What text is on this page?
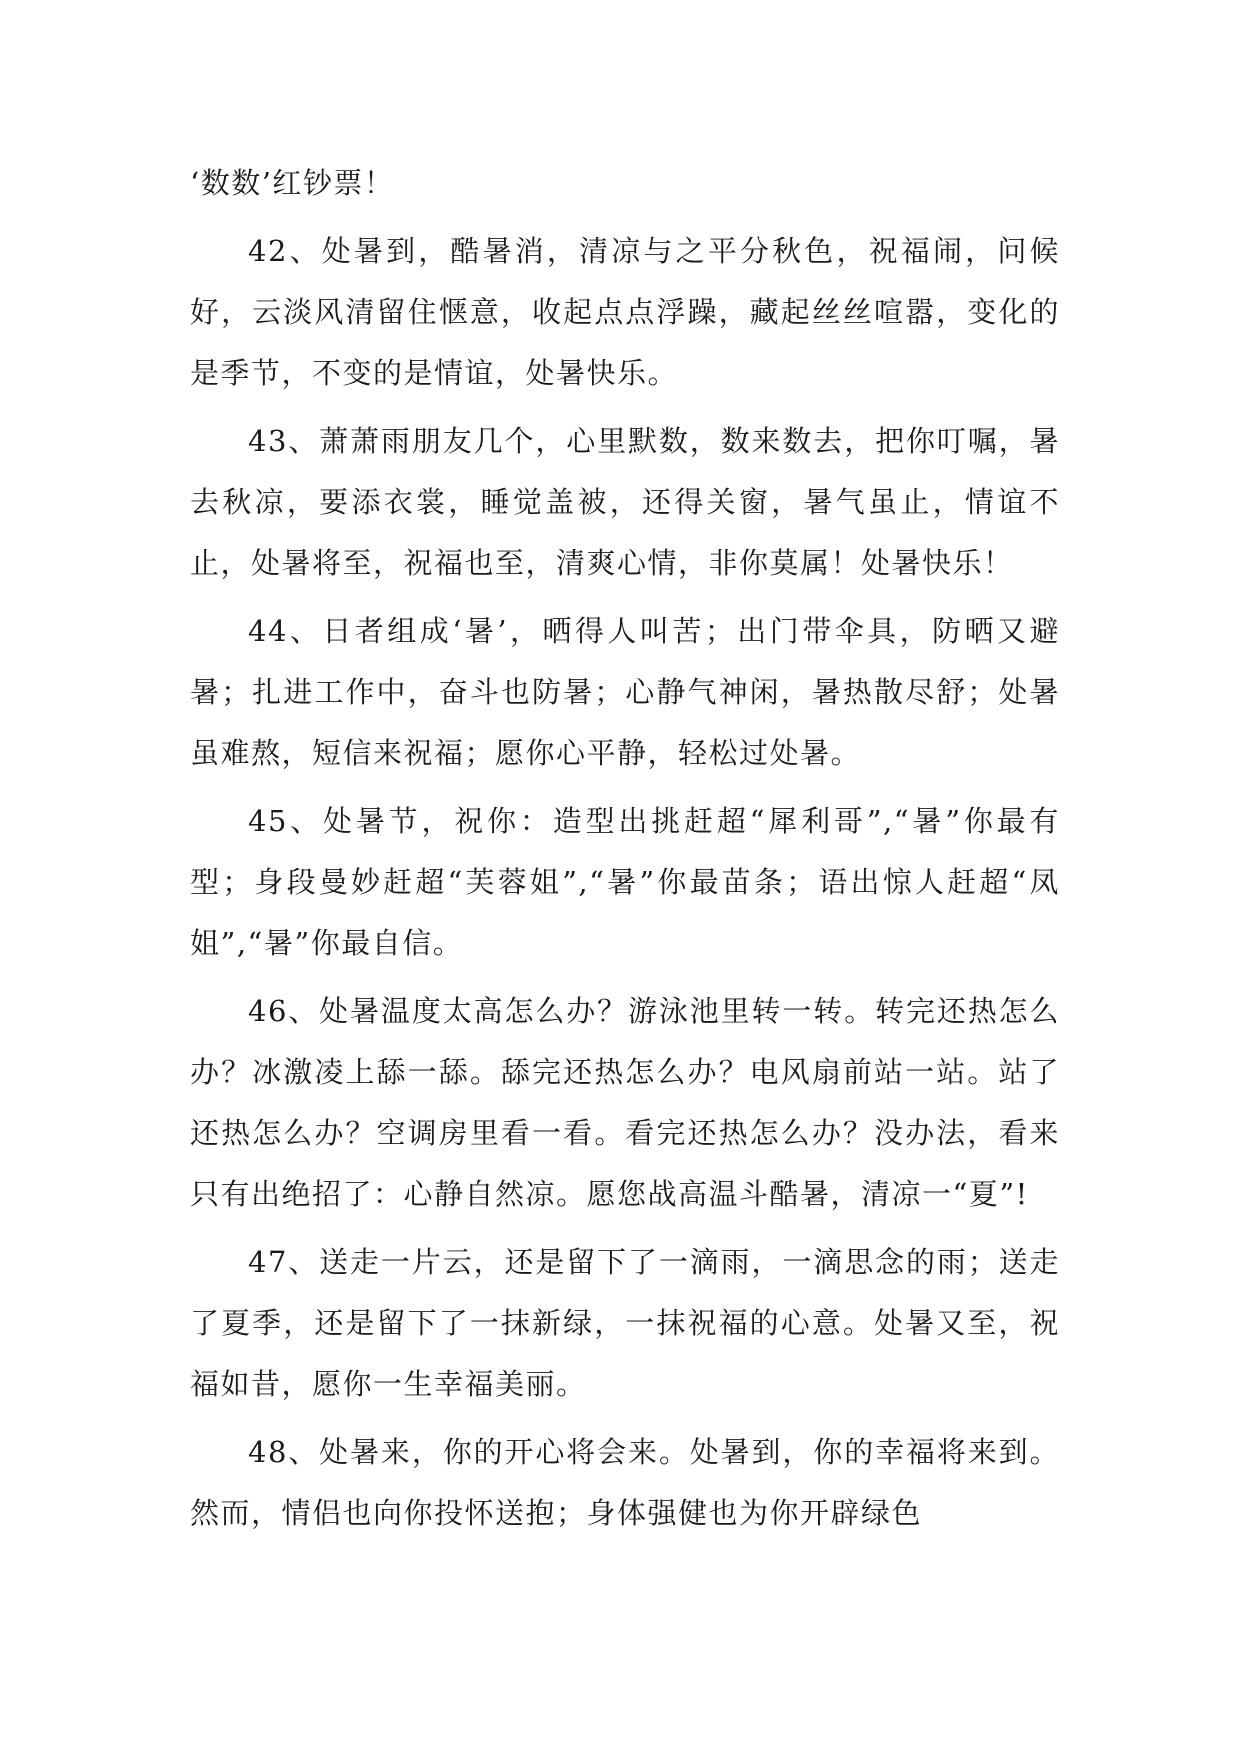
‘数数’红钞票！

42、处暑到，酷暑消，清凉与之平分秋色，祝福闹，问候好，云淡风清留住惬意，收起点点浮躁，藏起丝丝喧嚣，变化的是季节，不变的是情谊，处暑快乐。

43、萧萧雨朋友几个，心里默数，数来数去，把你叮嘱，暑去秋凉，要添衣裳，睡觉盖被，还得关窗，暑气虽止，情谊不止，处暑将至，祝福也至，清爽心情，非你莫属！处暑快乐！

44、日者组成‘暑’，晒得人叫苦；出门带伞具，防晒又避暑；扎进工作中，奋斗也防暑；心静气神闲，暑热散尽舒；处暑虽难熬，短信来祝福；愿你心平静，轻松过处暑。

45、处暑节，祝你：造型出挑赶超“犀利哥”,“暑”你最有型；身段曼妙赶超“芙蓉姐”,“暑”你最苗条；语出惊人赶超“凤姐”,“暑”你最自信。

46、处暑温度太高怎么办？游泳池里转一转。转完还热怎么办？冰激凌上舔一舔。舔完还热怎么办？电风扇前站一站。站了还热怎么办？空调房里看一看。看完还热怎么办？没办法，看来只有出绝招了：心静自然凉。愿您战高温斗酷暑，清凉一“夏”!

47、送走一片云，还是留下了一滴雨，一滴思念的雨；送走了夏季，还是留下了一抹新绿，一抹祝福的心意。处暑又至，祝福如昔，愿你一生幸福美丽。

48、处暑来，你的开心将会来。处暑到，你的幸福将来到。然而，情侣也向你投怀送抱；身体强健也为你开辟绿色
